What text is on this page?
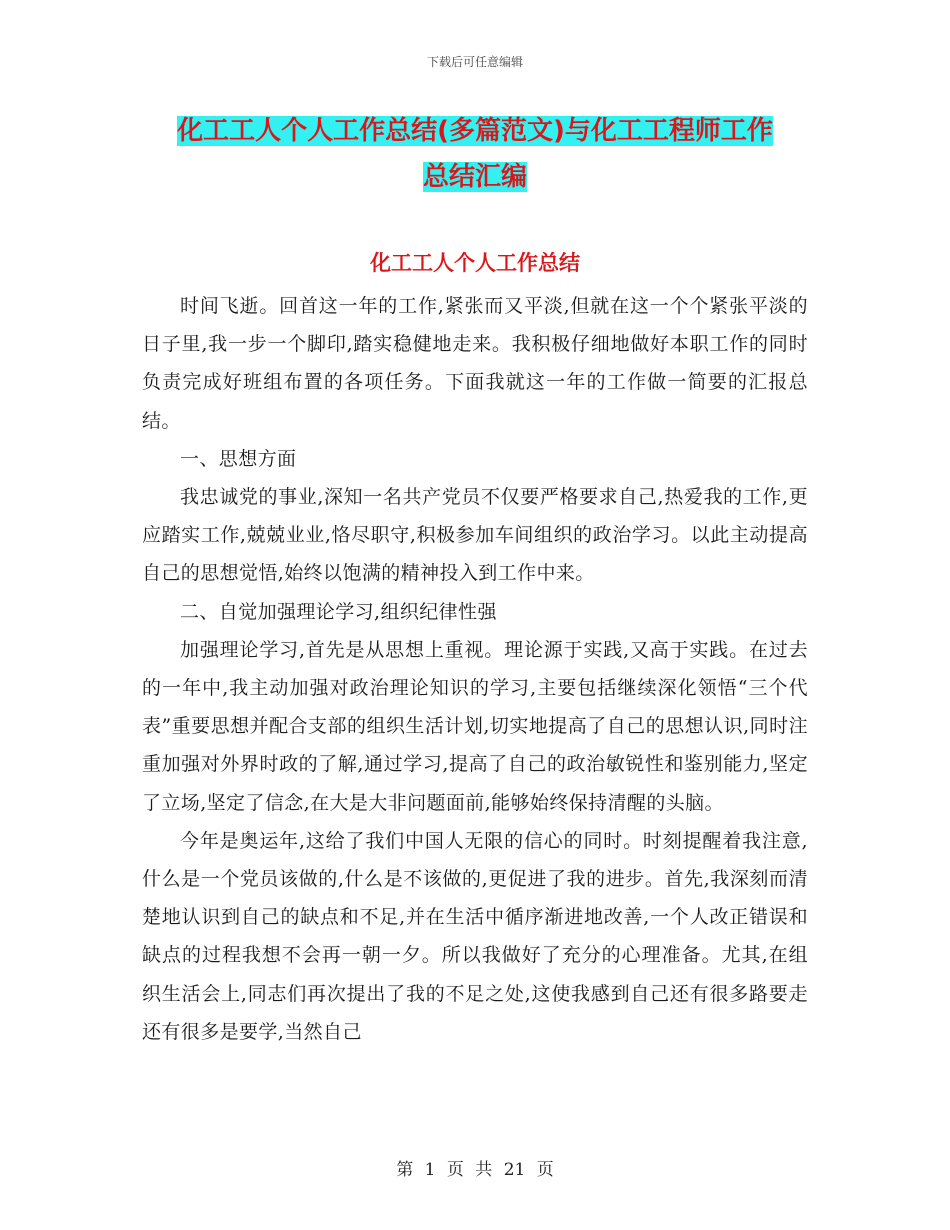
下载后可任意编辑
化工工人个人工作总结(多篇范文)与化工工程师工作
总结汇编
化工工人个人工作总结

时间飞逝。回首这一年的工作,紧张而又平淡,但就在这一个个紧张平淡的日子里,我一步一个脚印,踏实稳健地走来。我积极仔细地做好本职工作的同时负责完成好班组布置的各项任务。下面我就这一年的工作做一简要的汇报总结。

一、思想方面

我忠诚党的事业,深知一名共产党员不仅要严格要求自己,热爱我的工作,更应踏实工作,兢兢业业,恪尽职守,积极参加车间组织的政治学习。以此主动提高自己的思想觉悟,始终以饱满的精神投入到工作中来。

二、自觉加强理论学习,组织纪律性强

加强理论学习,首先是从思想上重视。理论源于实践,又高于实践。在过去的一年中,我主动加强对政治理论知识的学习,主要包括继续深化领悟“三个代表”重要思想并配合支部的组织生活计划,切实地提高了自己的思想认识,同时注重加强对外界时政的了解,通过学习,提高了自己的政治敏锐性和鉴别能力,坚定了立场,坚定了信念,在大是大非问题面前,能够始终保持清醒的头脑。

今年是奥运年,这给了我们中国人无限的信心的同时。时刻提醒着我注意,什么是一个党员该做的,什么是不该做的,更促进了我的进步。首先,我深刻而清楚地认识到自己的缺点和不足,并在生活中循序渐进地改善,一个人改正错误和缺点的过程我想不会再一朝一夕。所以我做好了充分的心理准备。尤其,在组织生活会上,同志们再次提出了我的不足之处,这使我感到自己还有很多路要走还有很多是要学,当然自己

第 1 页 共 21 页
